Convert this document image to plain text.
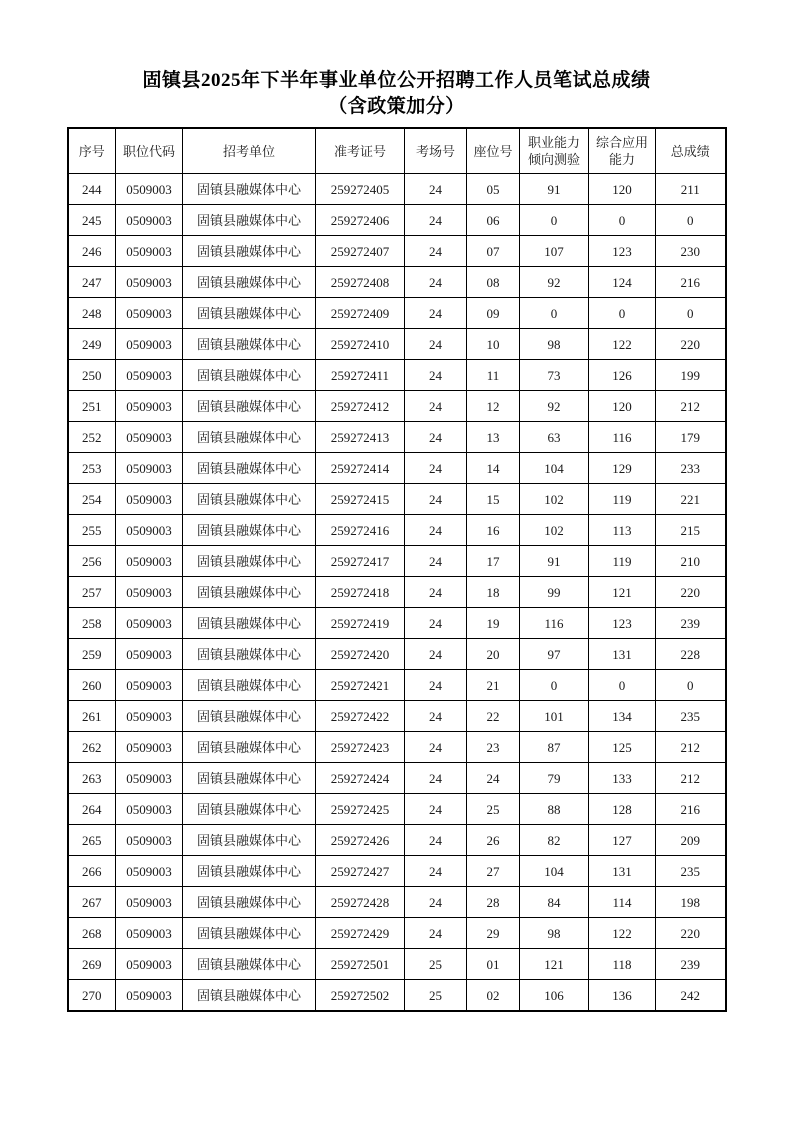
固镇县2025年下半年事业单位公开招聘工作人员笔试总成绩
（含政策加分）
序号	职位代码	招考单位	准考证号	考场号	座位号	职业能力倾向测验	综合应用能力	总成绩
244	0509003	固镇县融媒体中心	259272405	24	05	91	120	211
245	0509003	固镇县融媒体中心	259272406	24	06	0	0	0
246	0509003	固镇县融媒体中心	259272407	24	07	107	123	230
247	0509003	固镇县融媒体中心	259272408	24	08	92	124	216
248	0509003	固镇县融媒体中心	259272409	24	09	0	0	0
249	0509003	固镇县融媒体中心	259272410	24	10	98	122	220
250	0509003	固镇县融媒体中心	259272411	24	11	73	126	199
251	0509003	固镇县融媒体中心	259272412	24	12	92	120	212
252	0509003	固镇县融媒体中心	259272413	24	13	63	116	179
253	0509003	固镇县融媒体中心	259272414	24	14	104	129	233
254	0509003	固镇县融媒体中心	259272415	24	15	102	119	221
255	0509003	固镇县融媒体中心	259272416	24	16	102	113	215
256	0509003	固镇县融媒体中心	259272417	24	17	91	119	210
257	0509003	固镇县融媒体中心	259272418	24	18	99	121	220
258	0509003	固镇县融媒体中心	259272419	24	19	116	123	239
259	0509003	固镇县融媒体中心	259272420	24	20	97	131	228
260	0509003	固镇县融媒体中心	259272421	24	21	0	0	0
261	0509003	固镇县融媒体中心	259272422	24	22	101	134	235
262	0509003	固镇县融媒体中心	259272423	24	23	87	125	212
263	0509003	固镇县融媒体中心	259272424	24	24	79	133	212
264	0509003	固镇县融媒体中心	259272425	24	25	88	128	216
265	0509003	固镇县融媒体中心	259272426	24	26	82	127	209
266	0509003	固镇县融媒体中心	259272427	24	27	104	131	235
267	0509003	固镇县融媒体中心	259272428	24	28	84	114	198
268	0509003	固镇县融媒体中心	259272429	24	29	98	122	220
269	0509003	固镇县融媒体中心	259272501	25	01	121	118	239
270	0509003	固镇县融媒体中心	259272502	25	02	106	136	242
